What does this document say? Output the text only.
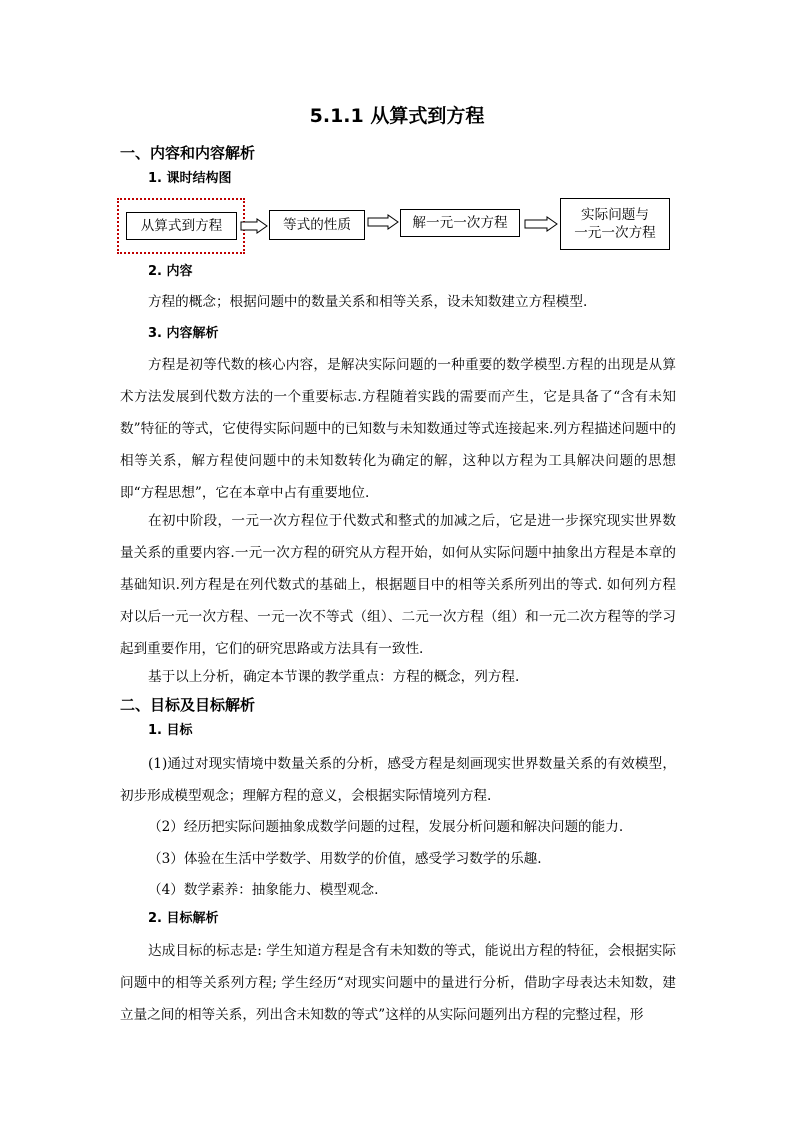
5.1.1 从算式到方程
一、内容和内容解析
1. 课时结构图
从算式到方程	等式的性质	解一元一次方程	实际问题与
一元一次方程
2. 内容
方程的概念；根据问题中的数量关系和相等关系，设未知数建立方程模型.
3. 内容解析

方程是初等代数的核心内容，是解决实际问题的一种重要的数学模型.方程的出现是从算术方法发展到代数方法的一个重要标志.方程随着实践的需要而产生，它是具备了“含有未知数”特征的等式，它使得实际问题中的已知数与未知数通过等式连接起来.列方程描述问题中的相等关系，解方程使问题中的未知数转化为确定的解，这种以方程为工具解决问题的思想即“方程思想”，它在本章中占有重要地位.

在初中阶段，一元一次方程位于代数式和整式的加减之后，它是进一步探究现实世界数量关系的重要内容.一元一次方程的研究从方程开始，如何从实际问题中抽象出方程是本章的基础知识.列方程是在列代数式的基础上，根据题目中的相等关系所列出的等式. 如何列方程对以后一元一次方程、一元一次不等式（组）、二元一次方程（组）和一元二次方程等的学习起到重要作用，它们的研究思路或方法具有一致性.

基于以上分析，确定本节课的教学重点：方程的概念，列方程.
二、目标及目标解析
1. 目标

(1)通过对现实情境中数量关系的分析，感受方程是刻画现实世界数量关系的有效模型，初步形成模型观念；理解方程的意义，会根据实际情境列方程.

（2）经历把实际问题抽象成数学问题的过程，发展分析问题和解决问题的能力.
（3）体验在生活中学数学、用数学的价值，感受学习数学的乐趣.
（4）数学素养：抽象能力、模型观念.
2. 目标解析

达成目标的标志是: 学生知道方程是含有未知数的等式，能说出方程的特征，会根据实际问题中的相等关系列方程; 学生经历“对现实问题中的量进行分析，借助字母表达未知数，建立量之间的相等关系，列出含未知数的等式”这样的从实际问题列出方程的完整过程，形
